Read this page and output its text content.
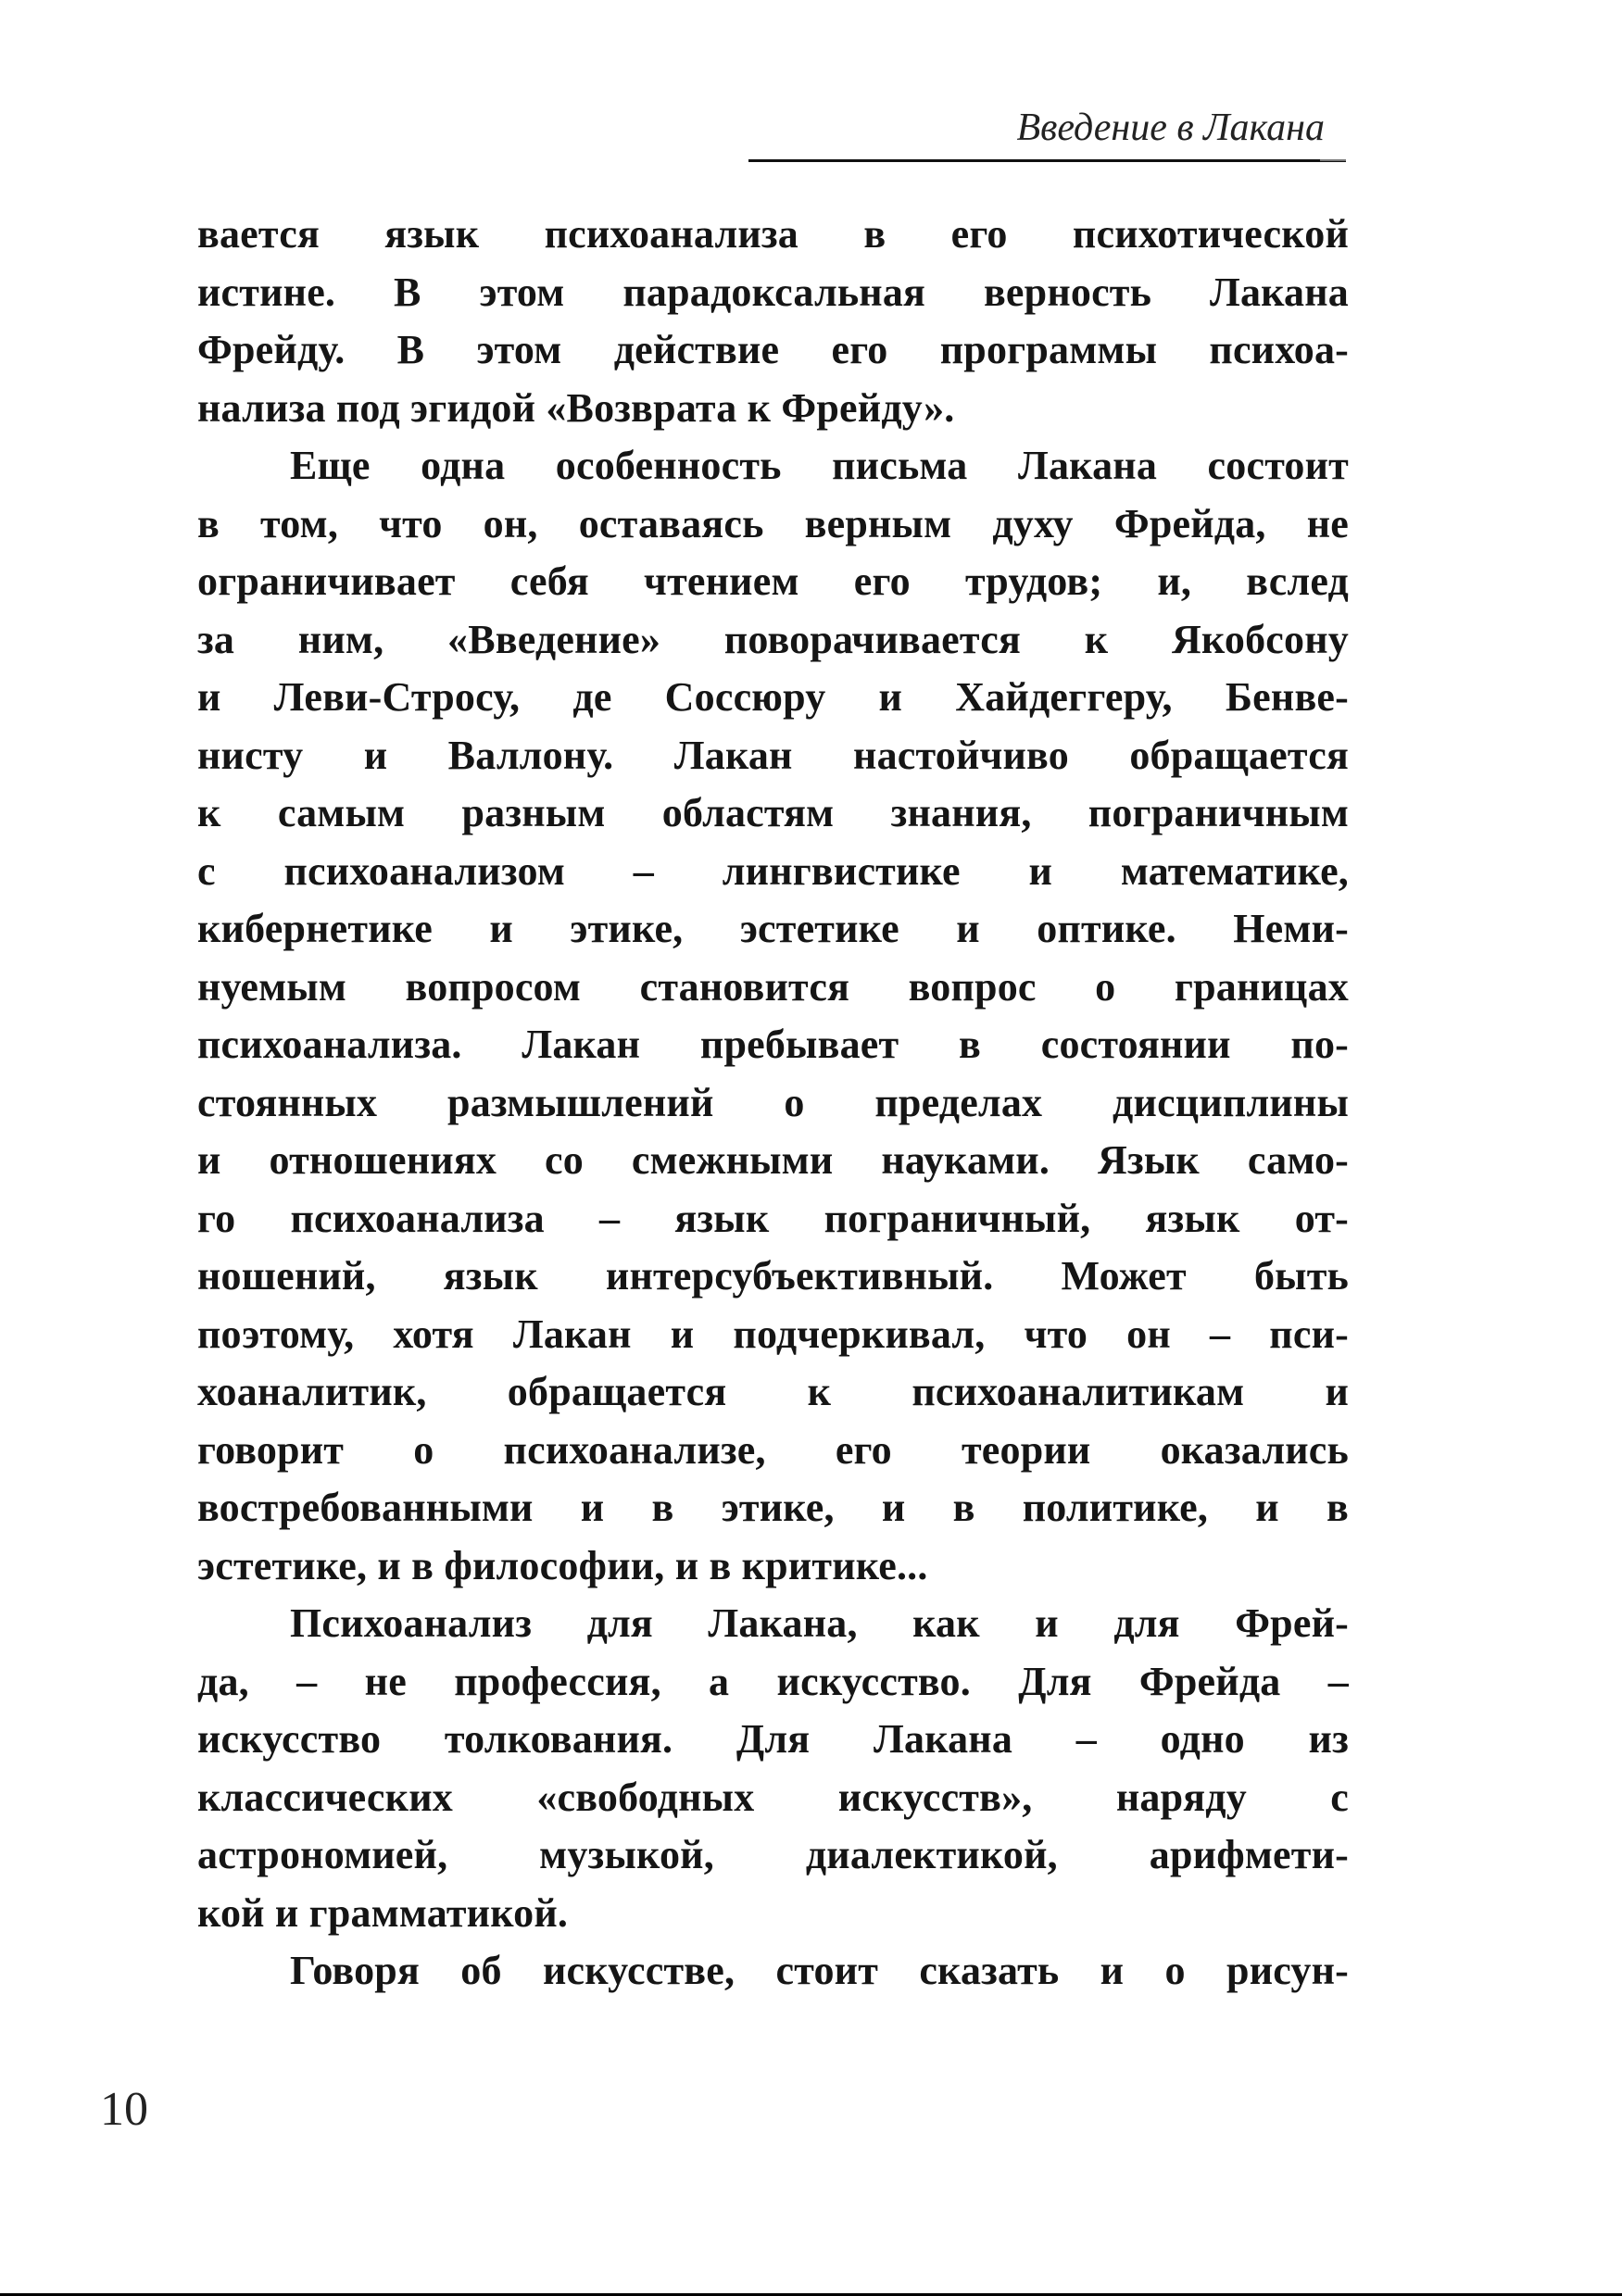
Введение в Лакана
вается язык психоанализа в его психотической
истине. В этом парадоксальная верность Лакана
Фрейду. В этом действие его программы психоа-
нализа под эгидой «Возврата к Фрейду».
Еще одна особенность письма Лакана состоит
в том, что он, оставаясь верным духу Фрейда, не
ограничивает себя чтением его трудов; и, вслед
за ним, «Введение» поворачивается к Якобсону
и Леви-Стросу, де Соссюру и Хайдеггеру, Бенве-
нисту и Валлону. Лакан настойчиво обращается
к самым разным областям знания, пограничным
с психоанализом – лингвистике и математике,
кибернетике и этике, эстетике и оптике. Неми-
нуемым вопросом становится вопрос о границах
психоанализа. Лакан пребывает в состоянии по-
стоянных размышлений о пределах дисциплины
и отношениях со смежными науками. Язык само-
го психоанализа – язык пограничный, язык от-
ношений, язык интерсубъективный. Может быть
поэтому, хотя Лакан и подчеркивал, что он – пси-
хоаналитик, обращается к психоаналитикам и
говорит о психоанализе, его теории оказались
востребованными и в этике, и в политике, и в
эстетике, и в философии, и в критике...
Психоанализ для Лакана, как и для Фрей-
да, – не профессия, а искусство. Для Фрейда –
искусство толкования. Для Лакана – одно из
классических «свободных искусств», наряду с
астрономией, музыкой, диалектикой, арифмети-
кой и грамматикой.
Говоря об искусстве, стоит сказать и о рисун-
10
